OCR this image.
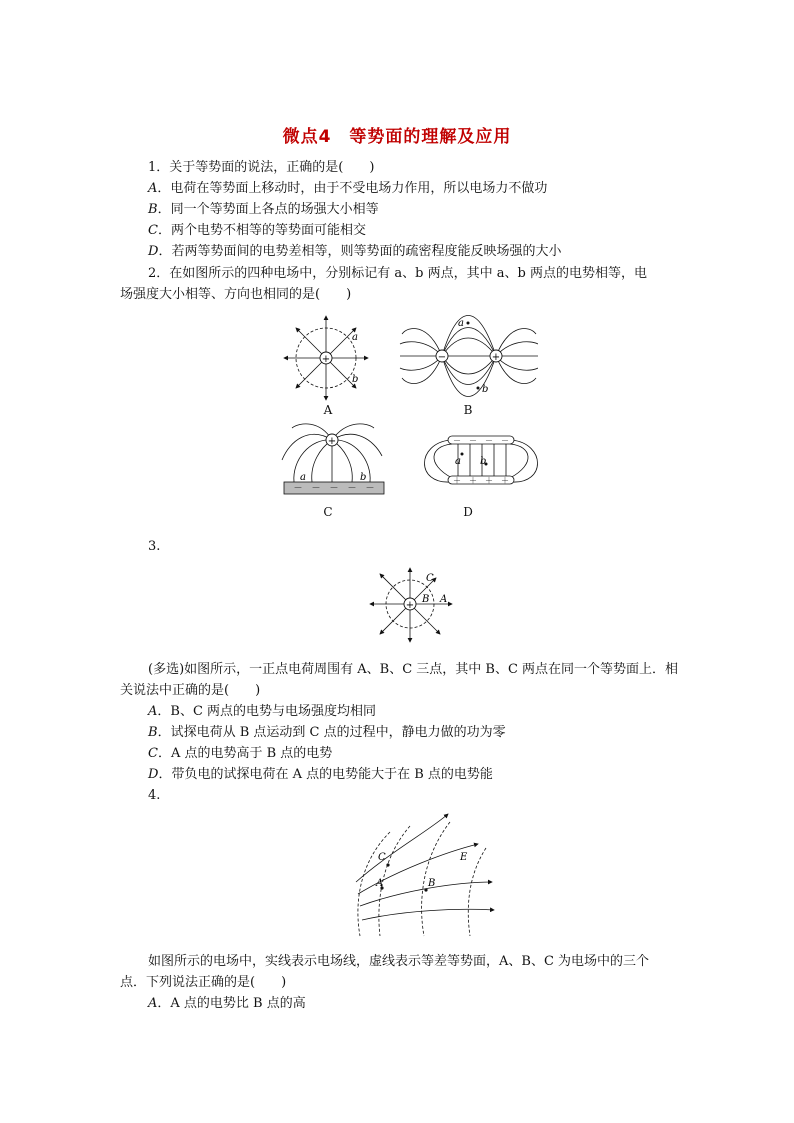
微点4　等势面的理解及应用
1．关于等势面的说法，正确的是(　　)
A．电荷在等势面上移动时，由于不受电场力作用，所以电场力不做功
B．同一个等势面上各点的场强大小相等
C．两个电势不相等的等势面可能相交
D．若两等势面间的电势差相等，则等势面的疏密程度能反映场强的大小
2．在如图所示的四种电场中，分别标记有 a、b 两点，其中 a、b 两点的电势相等，电
场强度大小相等、方向也相同的是(　　)
+
a
b
A
−	+
a
b
B
+
－　－　－　－　－
a	b
C
－　－　－　－
＋　＋　＋　＋
a b
D
3.
+
C
B A
(多选)如图所示，一正点电荷周围有 A、B、C 三点，其中 B、C 两点在同一个等势面上．相
关说法中正确的是(　　)
A．B、C 两点的电势与电场强度均相同
B．试探电荷从 B 点运动到 C 点的过程中，静电力做的功为零
C．A 点的电势高于 B 点的电势
D．带负电的试探电荷在 A 点的电势能大于在 B 点的电势能
4.
C
A	B
E
如图所示的电场中，实线表示电场线，虚线表示等差等势面，A、B、C 为电场中的三个
点．下列说法正确的是(　　)
A．A 点的电势比 B 点的高
